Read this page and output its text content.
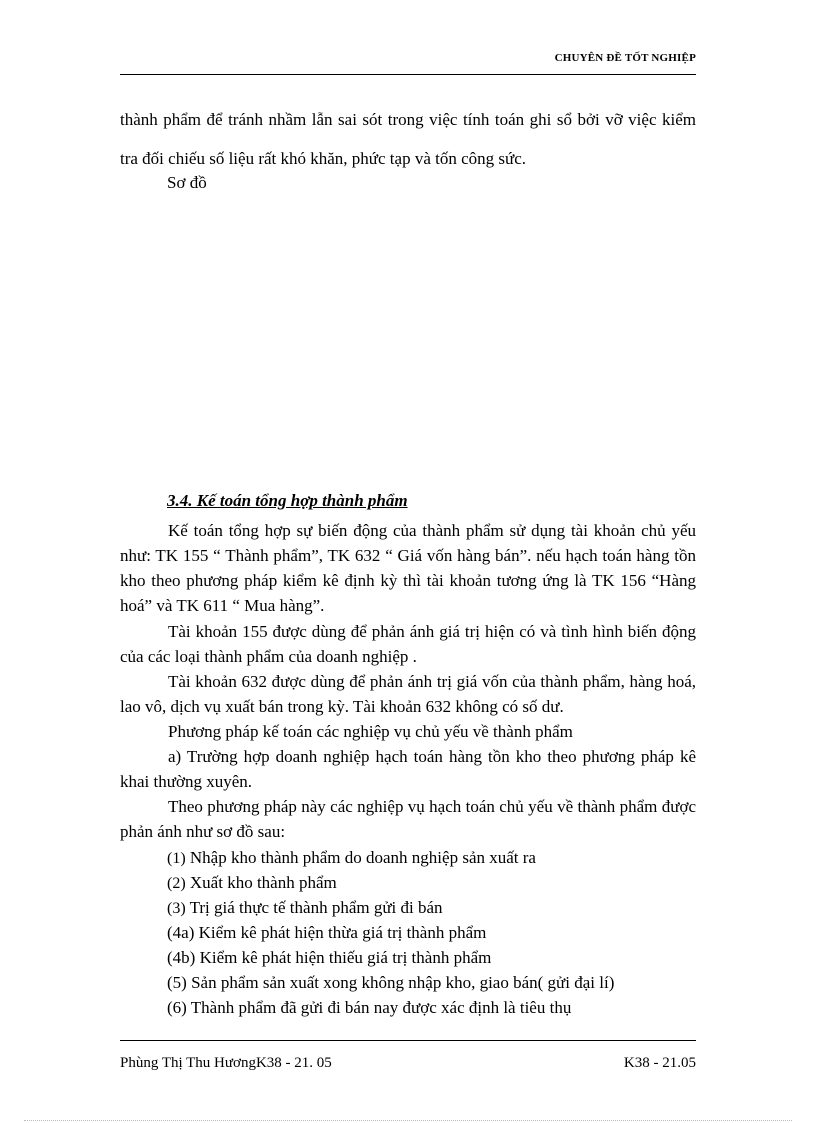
CHUYÊN ĐỀ TỐT NGHIỆP

thành phẩm để tránh nhầm lẫn sai sót trong việc tính toán ghi sổ bởi vỡ việc kiểm tra đối chiếu số liệu rất khó khăn, phức tạp và tốn công sức.

Sơ đồ
3.4. Kế toán tổng hợp thành phẩm

Kế toán tổng hợp sự biến động của thành phẩm sử dụng tài khoản chủ yếu như: TK 155 “ Thành phẩm”, TK 632 “ Giá vốn hàng bán”. nếu hạch toán hàng tồn kho theo phương pháp kiểm kê định kỳ thì tài khoản tương ứng là TK 156 “Hàng hoá” và TK 611 “ Mua hàng”.

Tài khoản 155 được dùng để phản ánh giá trị hiện có và tình hình biến động của các loại thành phẩm của doanh nghiệp .

Tài khoản 632 được dùng để phản ánh trị giá vốn của thành phẩm, hàng hoá, lao vô, dịch vụ xuất bán trong kỳ. Tài khoản 632 không có số dư.

Phương pháp kế toán các nghiệp vụ chủ yếu về thành phẩm

a) Trường hợp doanh nghiệp hạch toán hàng tồn kho theo phương pháp kê khai thường xuyên.

Theo phương pháp này các nghiệp vụ hạch toán chủ yếu về thành phẩm được phản ánh như sơ đồ sau:

(1) Nhập kho thành phẩm do doanh nghiệp sản xuất ra
(2) Xuất kho thành phẩm
(3) Trị giá thực tế thành phẩm gửi đi bán
(4a) Kiểm kê phát hiện thừa giá trị thành phẩm
(4b) Kiểm kê phát hiện thiếu giá trị thành phẩm
(5) Sản phẩm sản xuất xong không nhập kho, giao bán( gửi đại lí)
(6) Thành phẩm đã gửi đi bán nay được xác định là tiêu thụ
Phùng Thị Thu HươngK38 - 21. 05	K38 - 21.05
